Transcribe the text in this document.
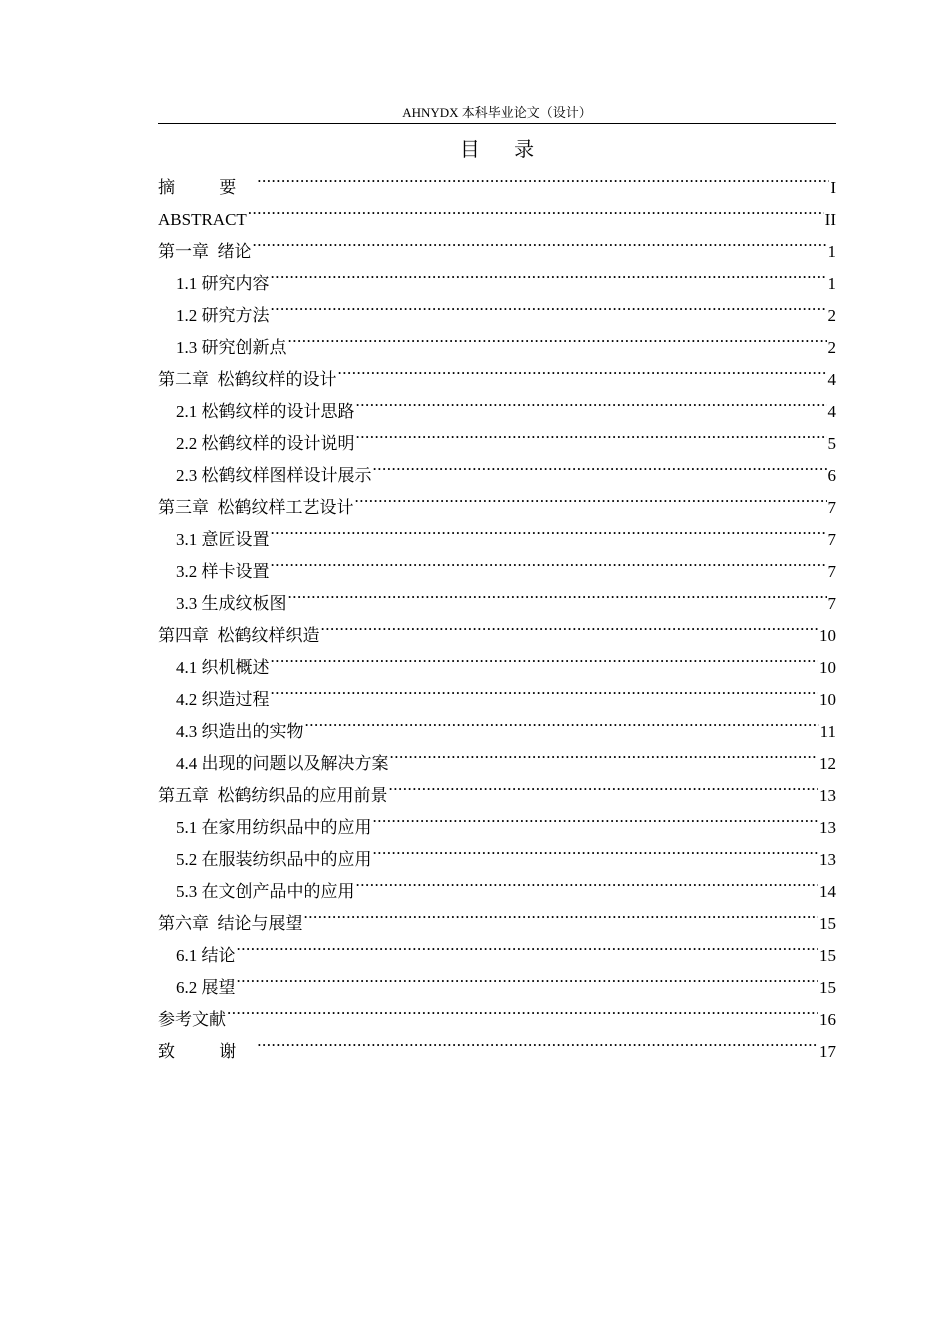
AHNYDX 本科毕业论文（设计）
目 录
摘 要 .....	I
ABSTRACT .....	II
第一章  绪论 .....	1
1.1 研究内容 .....	1
1.2 研究方法 .....	2
1.3 研究创新点 .....	2
第二章  松鹤纹样的设计 .....	4
2.1 松鹤纹样的设计思路 .....	4
2.2 松鹤纹样的设计说明 .....	5
2.3 松鹤纹样图样设计展示 .....	6
第三章  松鹤纹样工艺设计 .....	7
3.1 意匠设置 .....	7
3.2 样卡设置 .....	7
3.3 生成纹板图 .....	7
第四章  松鹤纹样织造 .....	10
4.1 织机概述 .....	10
4.2 织造过程 .....	10
4.3 织造出的实物 .....	11
4.4 出现的问题以及解决方案 .....	12
第五章  松鹤纺织品的应用前景 .....	13
5.1 在家用纺织品中的应用 .....	13
5.2 在服装纺织品中的应用 .....	13
5.3 在文创产品中的应用 .....	14
第六章  结论与展望 .....	15
6.1 结论 .....	15
6.2 展望 .....	15
参考文献 .....	16
致 谢 .....	17
